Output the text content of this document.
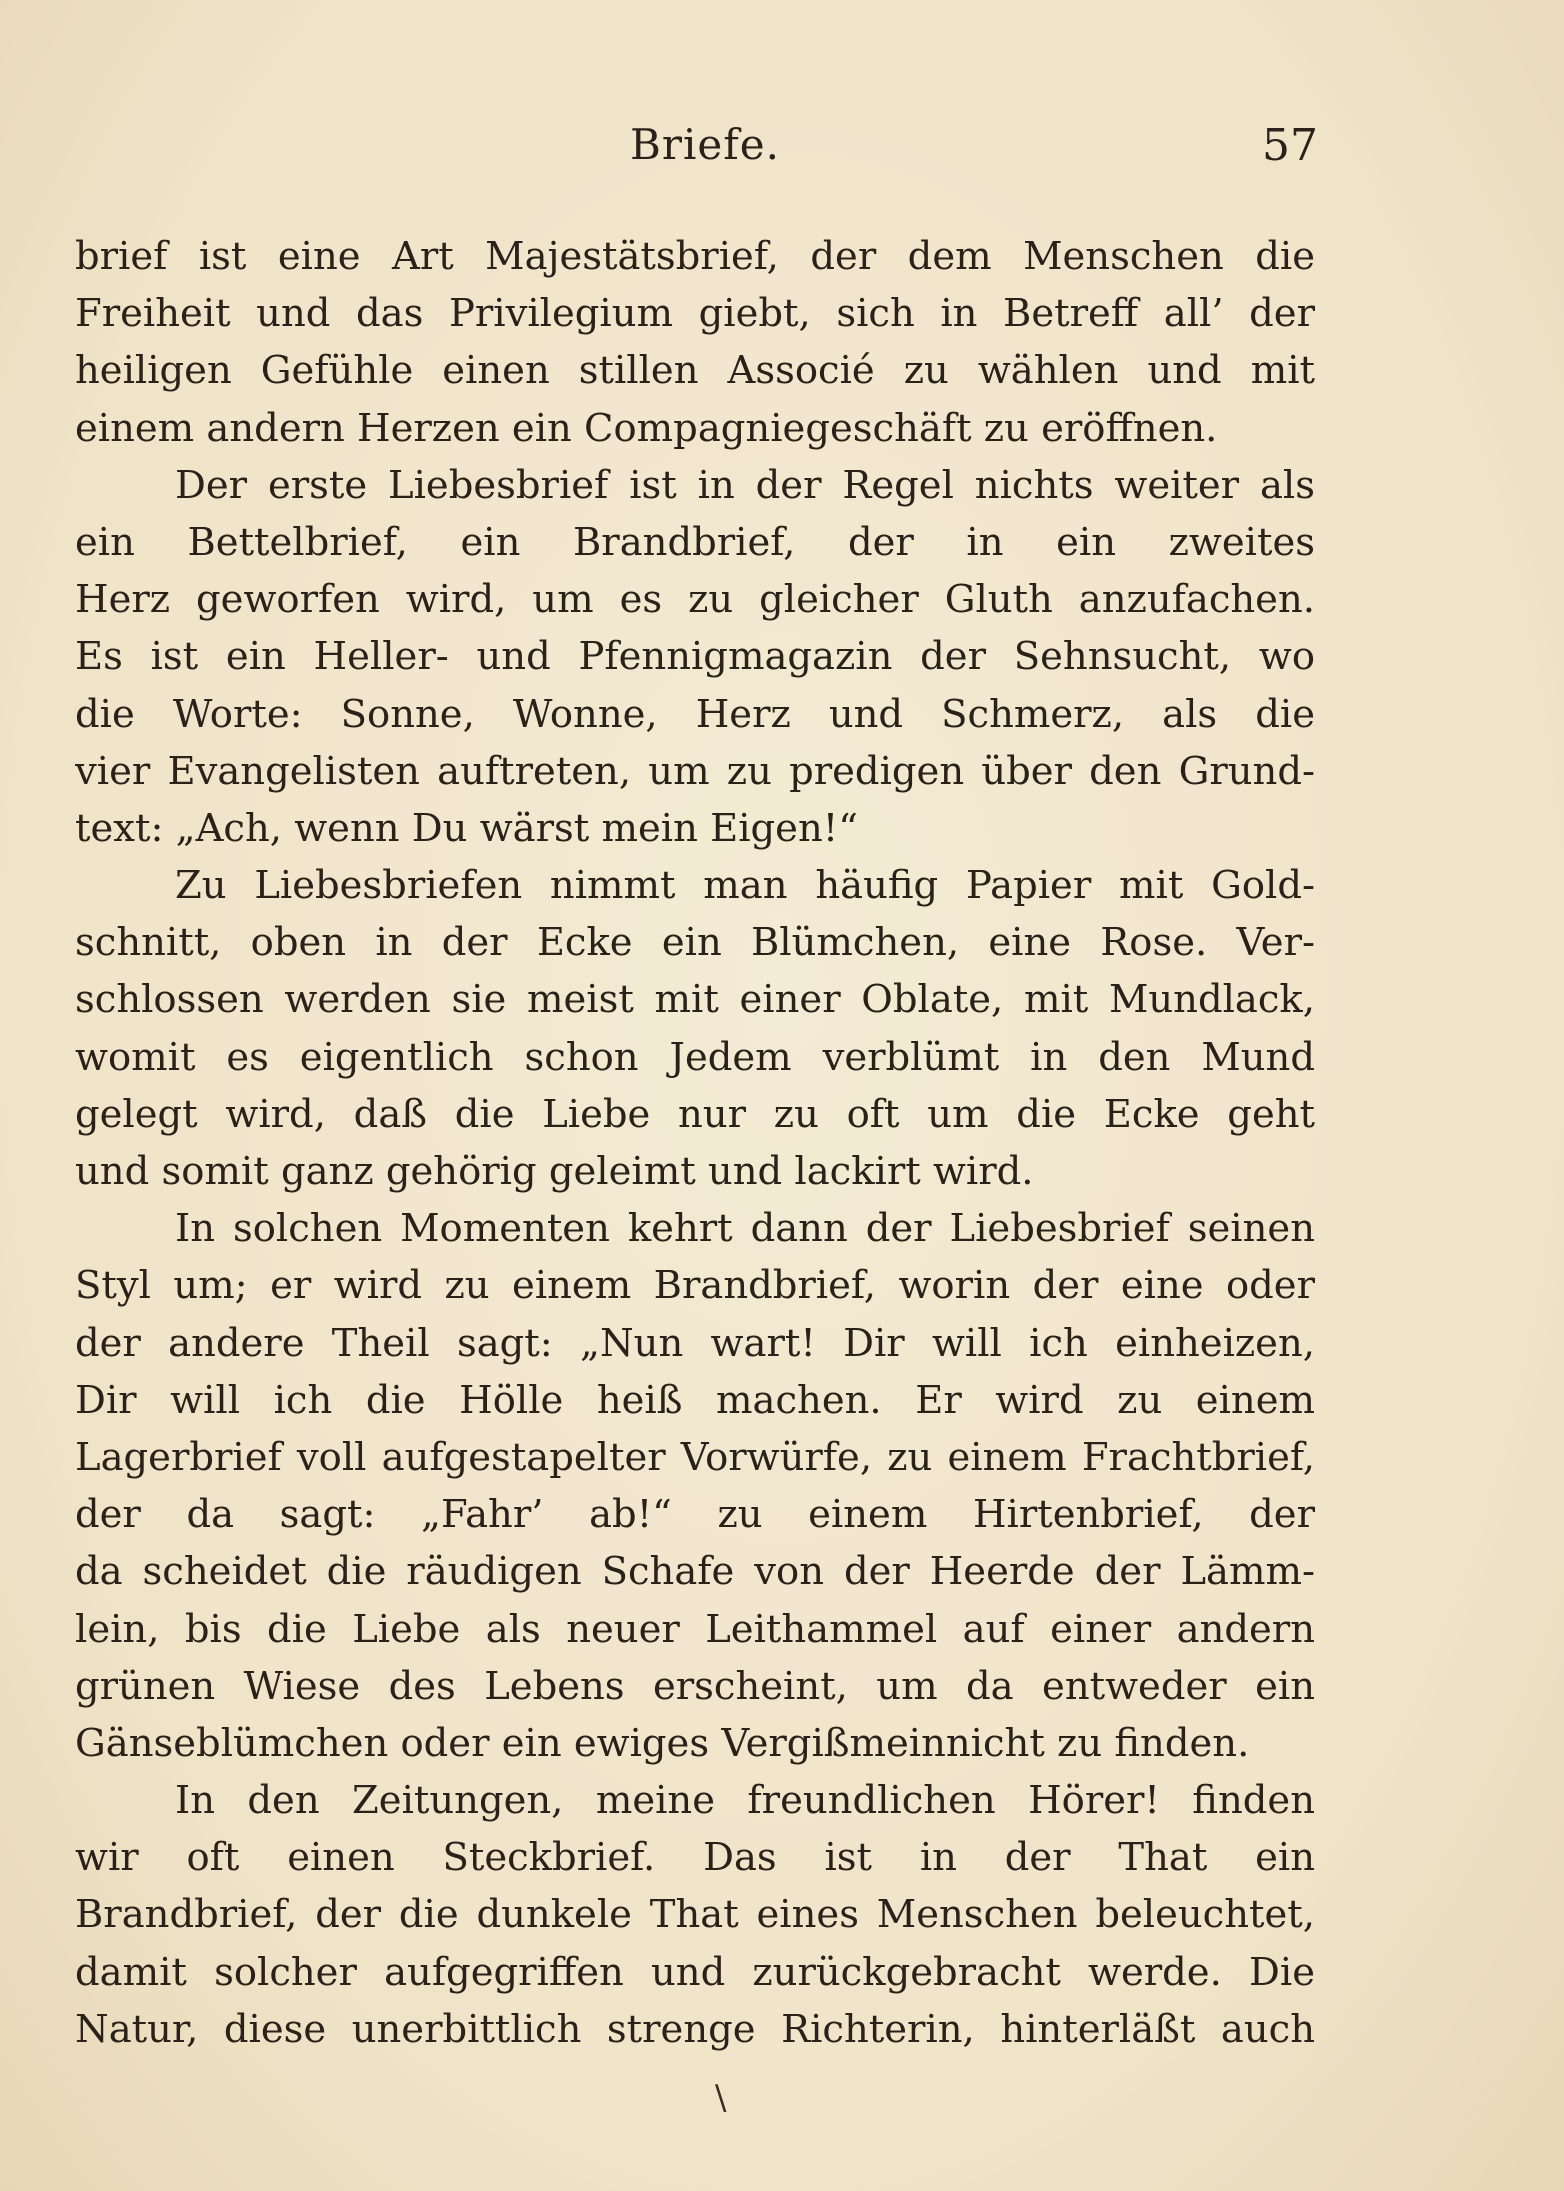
Briefe.	57
brief ist eine Art Majestätsbrief, der dem Menschen die
Freiheit und das Privilegium giebt, sich in Betreff all’ der
heiligen Gefühle einen stillen Associé zu wählen und mit
einem andern Herzen ein Compagniegeschäft zu eröffnen.
Der erste Liebesbrief ist in der Regel nichts weiter als
ein Bettelbrief, ein Brandbrief, der in ein zweites
Herz geworfen wird, um es zu gleicher Gluth anzufachen.
Es ist ein Heller- und Pfennigmagazin der Sehnsucht, wo
die Worte: Sonne, Wonne, Herz und Schmerz, als die
vier Evangelisten auftreten, um zu predigen über den Grund-
text: „Ach, wenn Du wärst mein Eigen!“
Zu Liebesbriefen nimmt man häufig Papier mit Gold-
schnitt, oben in der Ecke ein Blümchen, eine Rose. Ver-
schlossen werden sie meist mit einer Oblate, mit Mundlack,
womit es eigentlich schon Jedem verblümt in den Mund
gelegt wird, daß die Liebe nur zu oft um die Ecke geht
und somit ganz gehörig geleimt und lackirt wird.
In solchen Momenten kehrt dann der Liebesbrief seinen
Styl um; er wird zu einem Brandbrief, worin der eine oder
der andere Theil sagt: „Nun wart! Dir will ich einheizen,
Dir will ich die Hölle heiß machen. Er wird zu einem
Lagerbrief voll aufgestapelter Vorwürfe, zu einem Frachtbrief,
der da sagt: „Fahr’ ab!“ zu einem Hirtenbrief, der
da scheidet die räudigen Schafe von der Heerde der Lämm-
lein, bis die Liebe als neuer Leithammel auf einer andern
grünen Wiese des Lebens erscheint, um da entweder ein
Gänseblümchen oder ein ewiges Vergißmeinnicht zu finden.
In den Zeitungen, meine freundlichen Hörer! finden
wir oft einen Steckbrief. Das ist in der That ein
Brandbrief, der die dunkele That eines Menschen beleuchtet,
damit solcher aufgegriffen und zurückgebracht werde. Die
Natur, diese unerbittlich strenge Richterin, hinterläßt auch
\
